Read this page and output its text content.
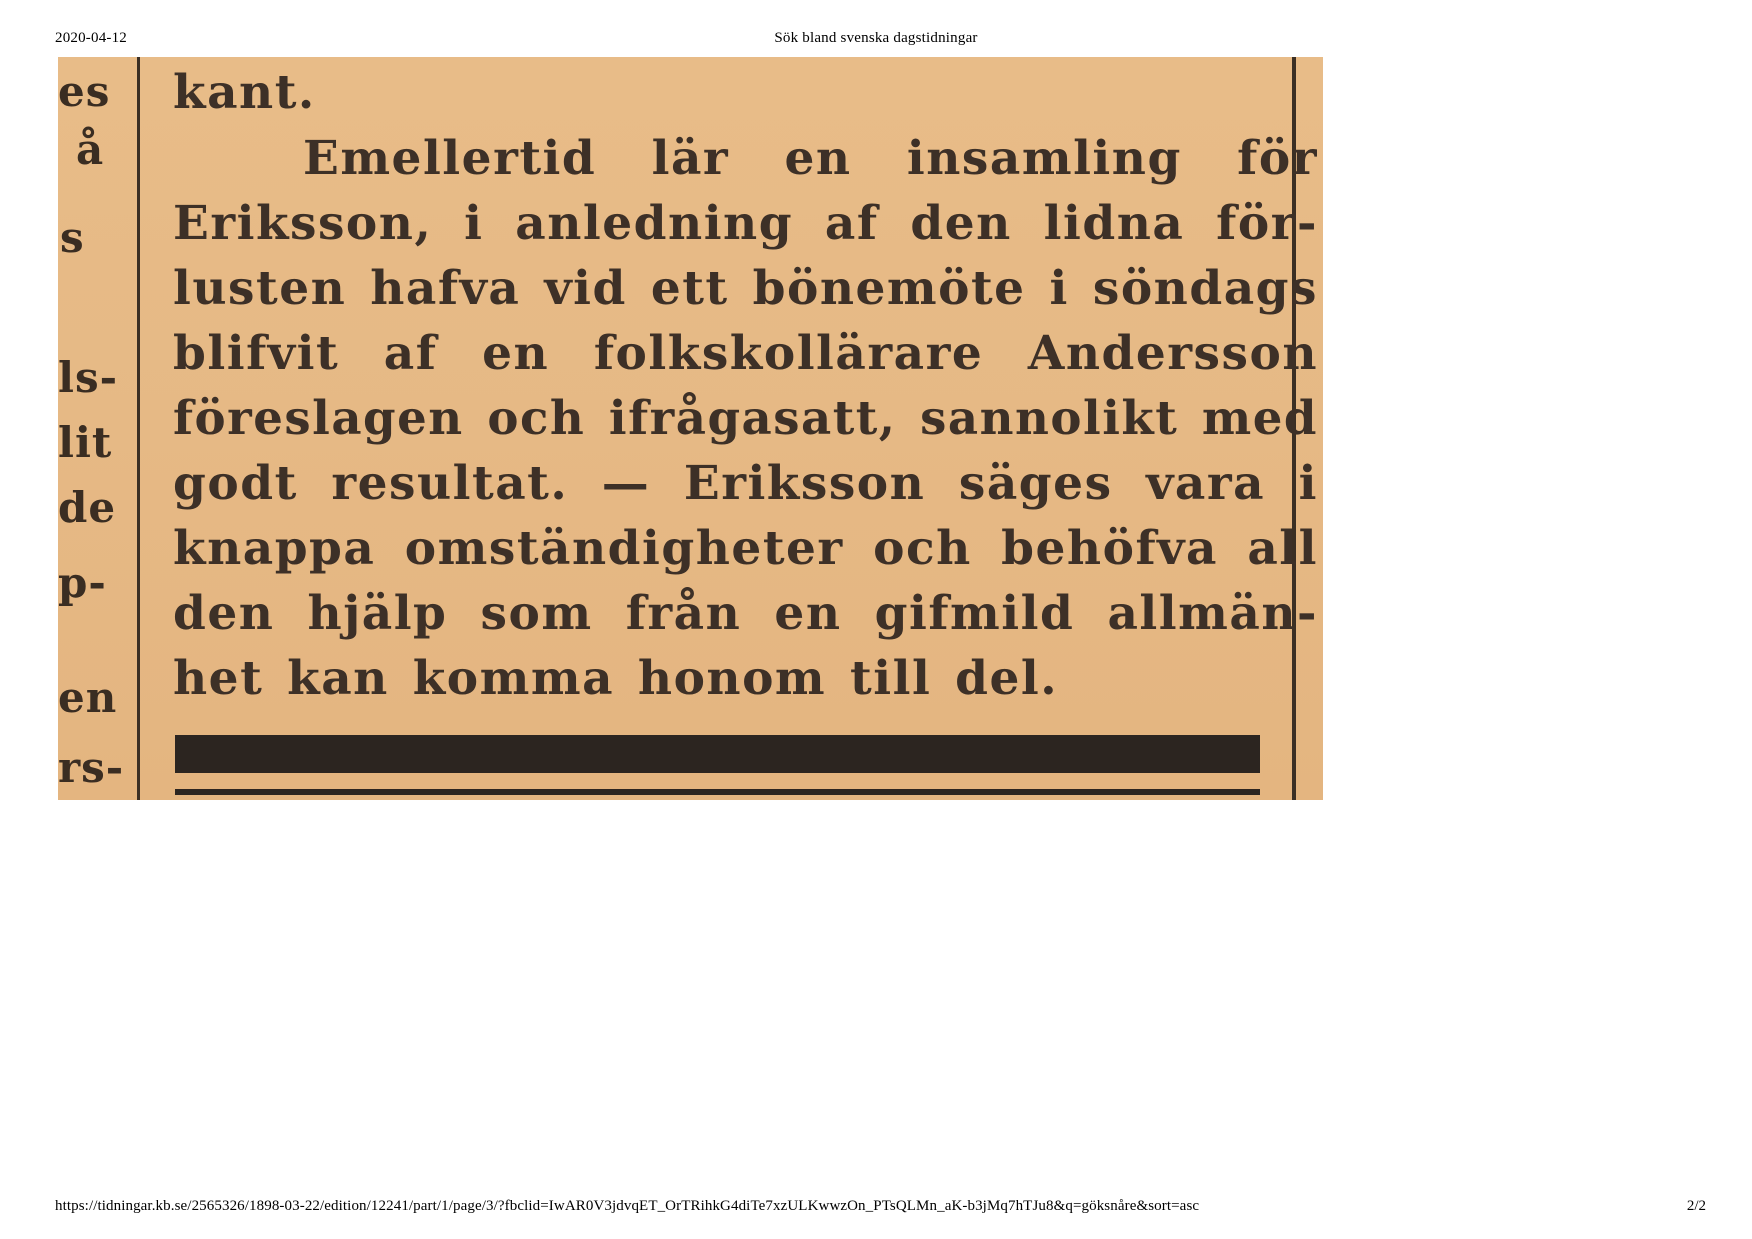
2020-04-12	Sök bland svenska dagstidningar
es
å
s
ls-
lit
de
p-
en
rs-
kant.
Emellertid lär en insamling för
Eriksson, i anledning af den lidna för-
lusten hafva vid ett bönemöte i söndags
blifvit af en folkskollärare Andersson
föreslagen och ifrågasatt, sannolikt med
godt resultat. — Eriksson säges vara i
knappa omständigheter och behöfva all
den hjälp som från en gifmild allmän-
het kan komma honom till del.
https://tidningar.kb.se/2565326/1898-03-22/edition/12241/part/1/page/3/?fbclid=IwAR0V3jdvqET_OrTRihkG4diTe7xzULKwwzOn_PTsQLMn_aK-b3jMq7hTJu8&q=göksnåre&sort=asc	2/2
